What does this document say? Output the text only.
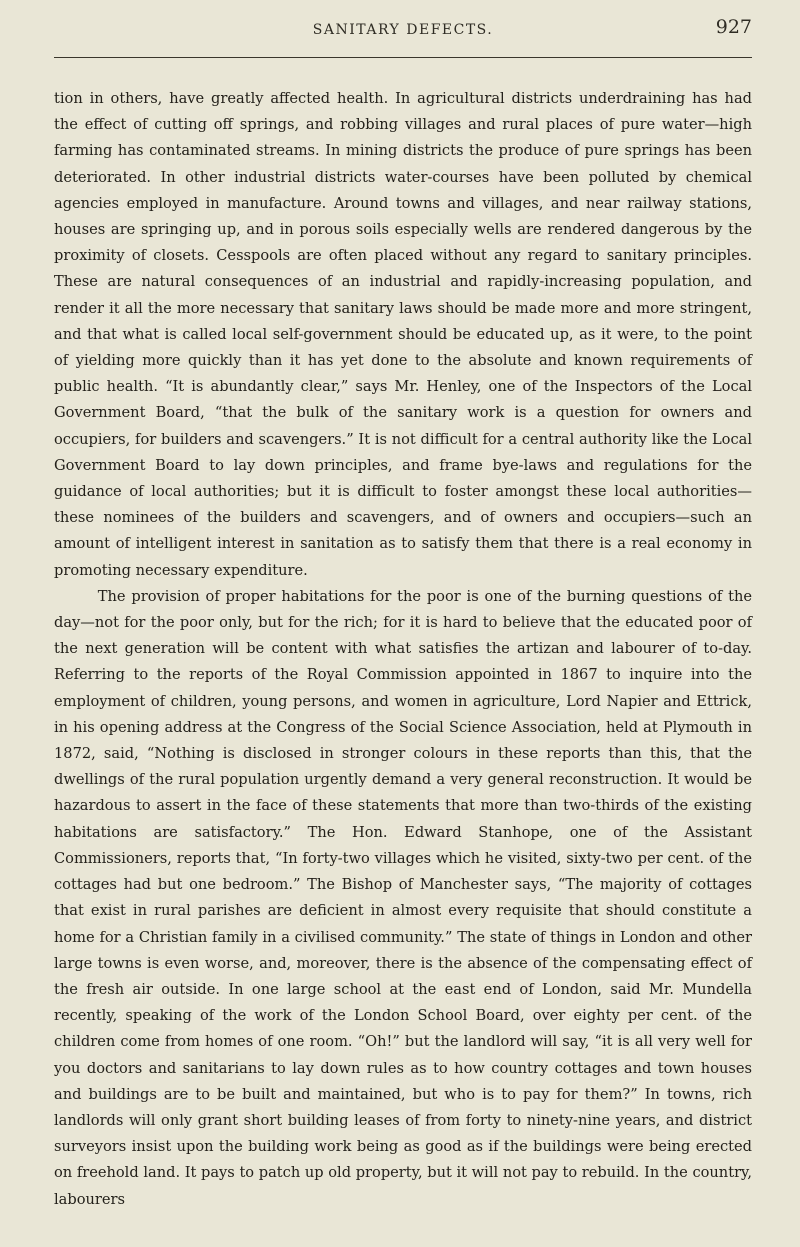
SANITARY DEFECTS.	927

tion in others, have greatly affected health. In agricultural districts underdraining has had the effect of cutting off springs, and robbing villages and rural places of pure water—high farming has contaminated streams. In mining districts the produce of pure springs has been deteriorated. In other industrial districts water-courses have been polluted by chemical agencies employed in manufacture. Around towns and villages, and near railway stations, houses are springing up, and in porous soils especially wells are rendered dangerous by the proximity of closets. Cesspools are often placed without any regard to sanitary principles. These are natural consequences of an industrial and rapidly-increasing population, and render it all the more necessary that sanitary laws should be made more and more stringent, and that what is called local self-government should be educated up, as it were, to the point of yielding more quickly than it has yet done to the absolute and known requirements of public health. “It is abundantly clear,” says Mr. Henley, one of the Inspectors of the Local Government Board, “that the bulk of the sanitary work is a question for owners and occupiers, for builders and scavengers.” It is not difficult for a central authority like the Local Government Board to lay down principles, and frame bye-laws and regulations for the guidance of local authorities; but it is difficult to foster amongst these local authorities—these nominees of the builders and scavengers, and of owners and occupiers—such an amount of intelligent interest in sanitation as to satisfy them that there is a real economy in promoting necessary expenditure.

The provision of proper habitations for the poor is one of the burning questions of the day—not for the poor only, but for the rich; for it is hard to believe that the educated poor of the next generation will be content with what satisfies the artizan and labourer of to-day. Referring to the reports of the Royal Commission appointed in 1867 to inquire into the employment of children, young persons, and women in agriculture, Lord Napier and Ettrick, in his opening address at the Congress of the Social Science Association, held at Plymouth in 1872, said, “Nothing is disclosed in stronger colours in these reports than this, that the dwellings of the rural population urgently demand a very general reconstruction. It would be hazardous to assert in the face of these statements that more than two-thirds of the existing habitations are satisfactory.” The Hon. Edward Stanhope, one of the Assistant Commissioners, reports that, “In forty-two villages which he visited, sixty-two per cent. of the cottages had but one bedroom.” The Bishop of Manchester says, “The majority of cottages that exist in rural parishes are deficient in almost every requisite that should constitute a home for a Christian family in a civilised community.” The state of things in London and other large towns is even worse, and, moreover, there is the absence of the compensating effect of the fresh air outside. In one large school at the east end of London, said Mr. Mundella recently, speaking of the work of the London School Board, over eighty per cent. of the children come from homes of one room. “Oh!” but the landlord will say, “it is all very well for you doctors and sanitarians to lay down rules as to how country cottages and town houses and buildings are to be built and maintained, but who is to pay for them?” In towns, rich landlords will only grant short building leases of from forty to ninety-nine years, and district surveyors insist upon the building work being as good as if the buildings were being erected on freehold land. It pays to patch up old property, but it will not pay to rebuild. In the country, labourers
